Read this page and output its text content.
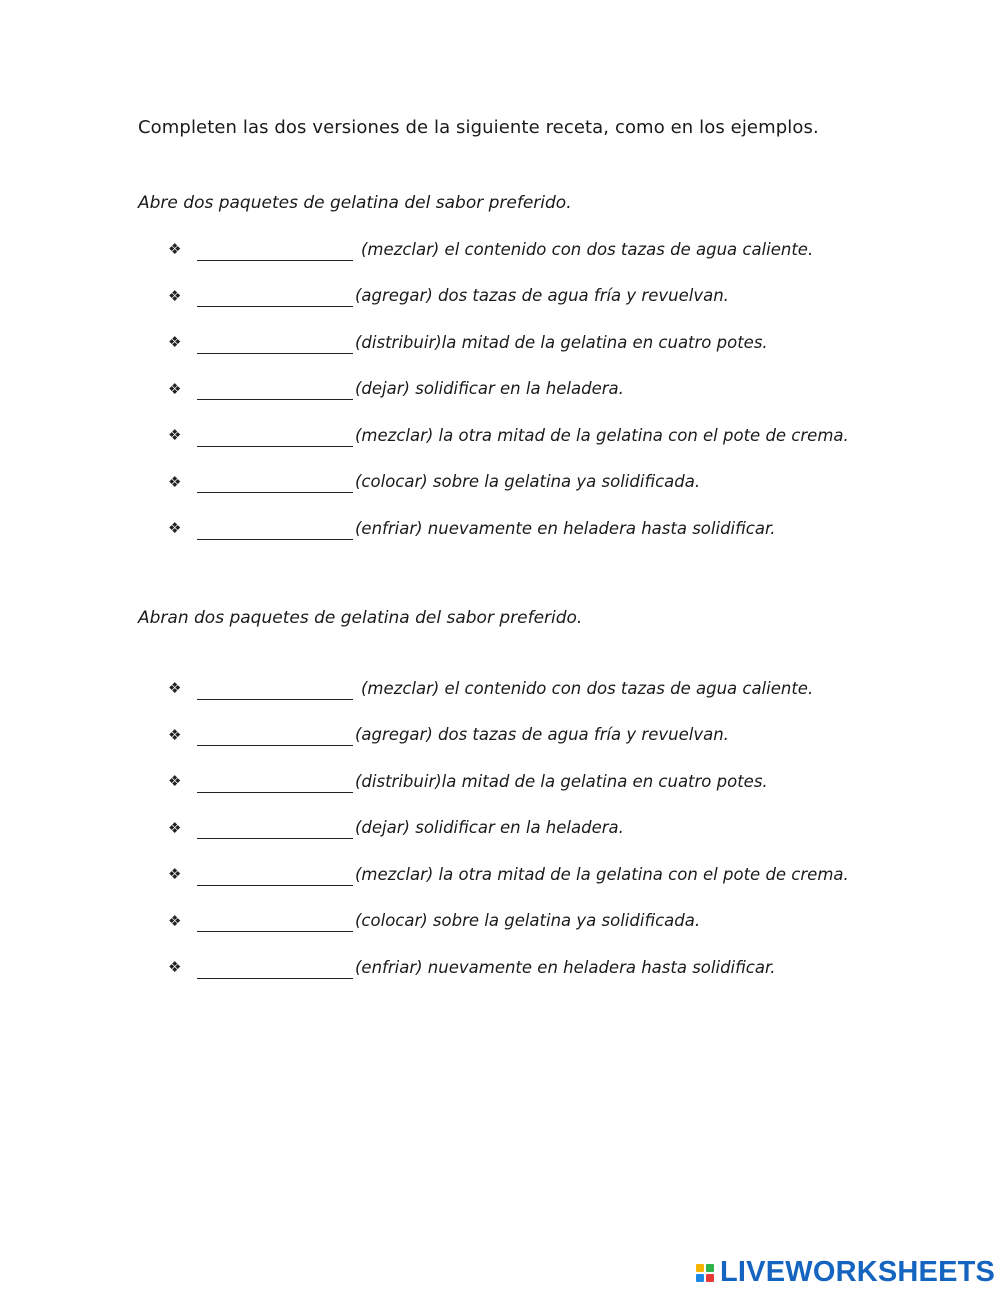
Completen las dos versiones de la siguiente receta, como en los ejemplos.
Abre dos paquetes de gelatina del sabor preferido.
❖	(mezclar) el contenido con dos tazas de agua caliente.
❖	(agregar) dos tazas de agua fría y revuelvan.
❖	(distribuir)la mitad de la gelatina en cuatro potes.
❖	(dejar) solidificar en la heladera.
❖	(mezclar) la otra mitad de la gelatina con el pote de crema.
❖	(colocar) sobre la gelatina ya solidificada.
❖	(enfriar) nuevamente en heladera hasta solidificar.
Abran dos paquetes de gelatina del sabor preferido.
❖	(mezclar) el contenido con dos tazas de agua caliente.
❖	(agregar) dos tazas de agua fría y revuelvan.
❖	(distribuir)la mitad de la gelatina en cuatro potes.
❖	(dejar) solidificar en la heladera.
❖	(mezclar) la otra mitad de la gelatina con el pote de crema.
❖	(colocar) sobre la gelatina ya solidificada.
❖	(enfriar) nuevamente en heladera hasta solidificar.
LIVEWORKSHEETS
